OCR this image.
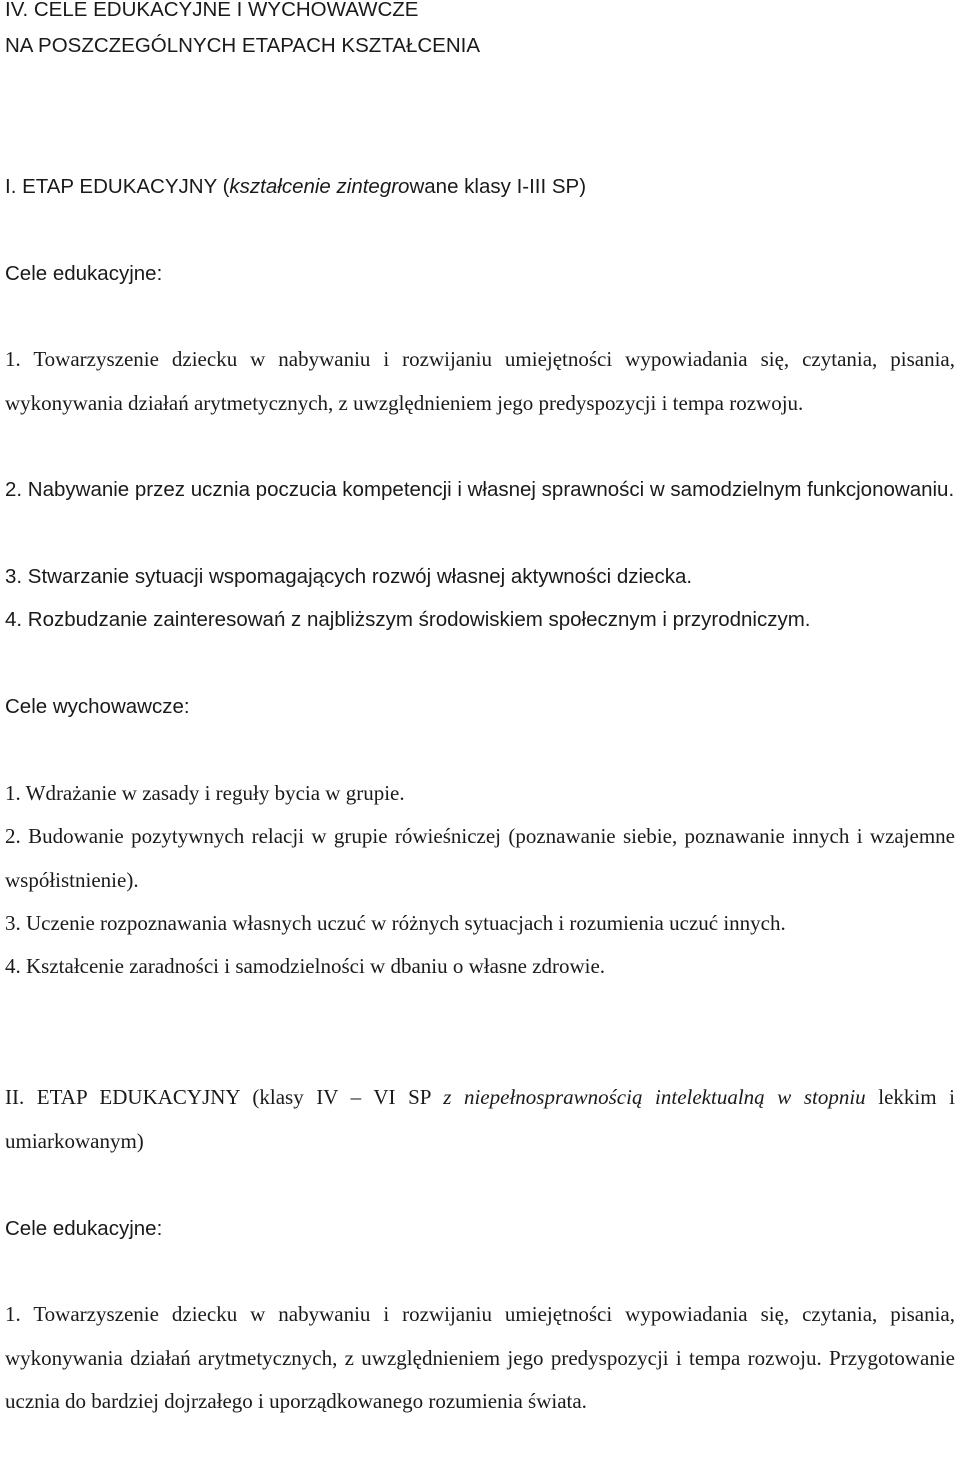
IV. CELE EDUKACYJNE I WYCHOWAWCZE

NA POSZCZEGÓLNYCH ETAPACH KSZTAŁCENIA

I. ETAP EDUKACYJNY (kształcenie zintegrowane klasy I-III SP)

Cele edukacyjne:

1. Towarzyszenie dziecku w nabywaniu i rozwijaniu umiejętności wypowiadania się, czytania, pisania, wykonywania działań arytmetycznych, z uwzględnieniem jego predyspozycji i tempa rozwoju.

2. Nabywanie przez ucznia poczucia kompetencji i własnej sprawności w samodzielnym funkcjonowaniu.

3. Stwarzanie sytuacji wspomagających rozwój własnej aktywności dziecka.

4. Rozbudzanie zainteresowań z najbliższym środowiskiem społecznym i przyrodniczym.

Cele wychowawcze:

1. Wdrażanie w zasady i reguły bycia w grupie.

2. Budowanie pozytywnych relacji w grupie rówieśniczej (poznawanie siebie, poznawanie innych i wzajemne współistnienie).

3. Uczenie rozpoznawania własnych uczuć w różnych sytuacjach i rozumienia uczuć innych.

4. Kształcenie zaradności i samodzielności w dbaniu o własne zdrowie.

II. ETAP EDUKACYJNY (klasy IV – VI SP z niepełnosprawnością intelektualną w stopniu lekkim i umiarkowanym)

Cele edukacyjne:

1. Towarzyszenie dziecku w nabywaniu i rozwijaniu umiejętności wypowiadania się, czytania, pisania, wykonywania działań arytmetycznych, z uwzględnieniem jego predyspozycji i tempa rozwoju. Przygotowanie ucznia do bardziej dojrzałego i uporządkowanego rozumienia świata.
